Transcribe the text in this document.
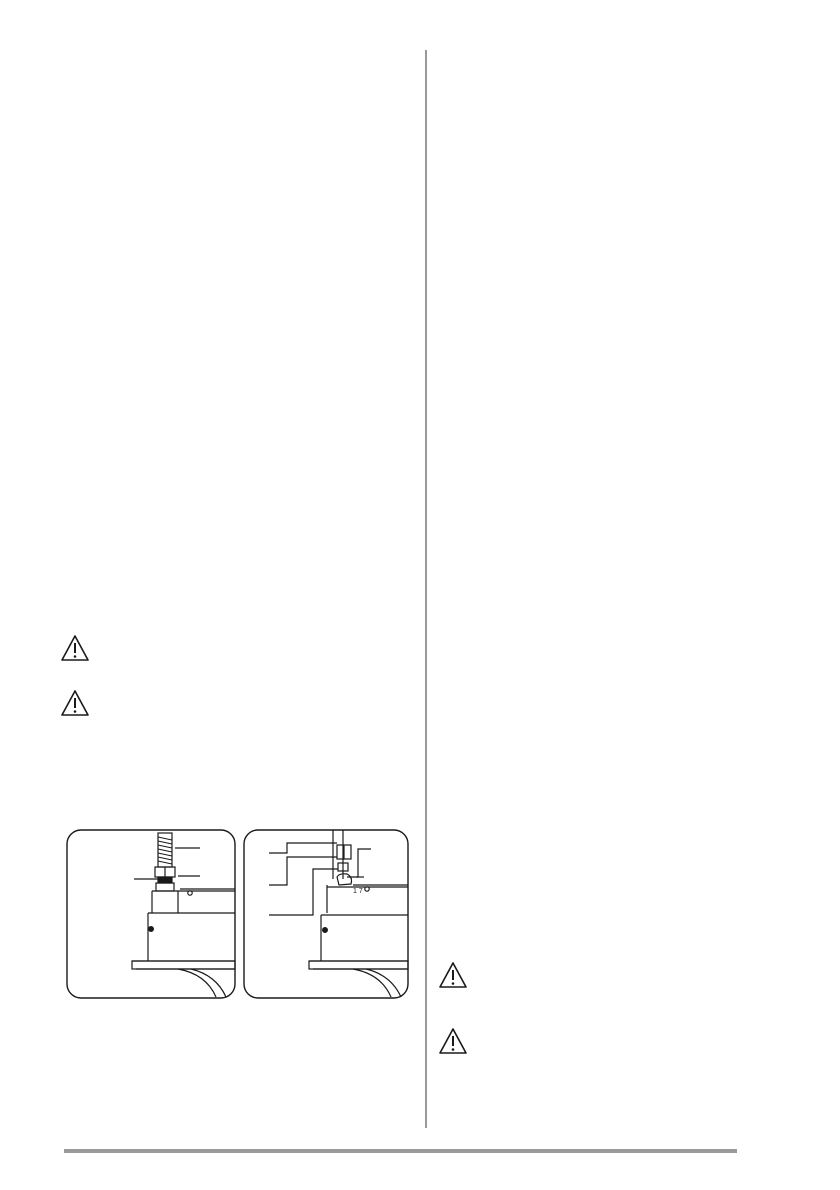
1 7
